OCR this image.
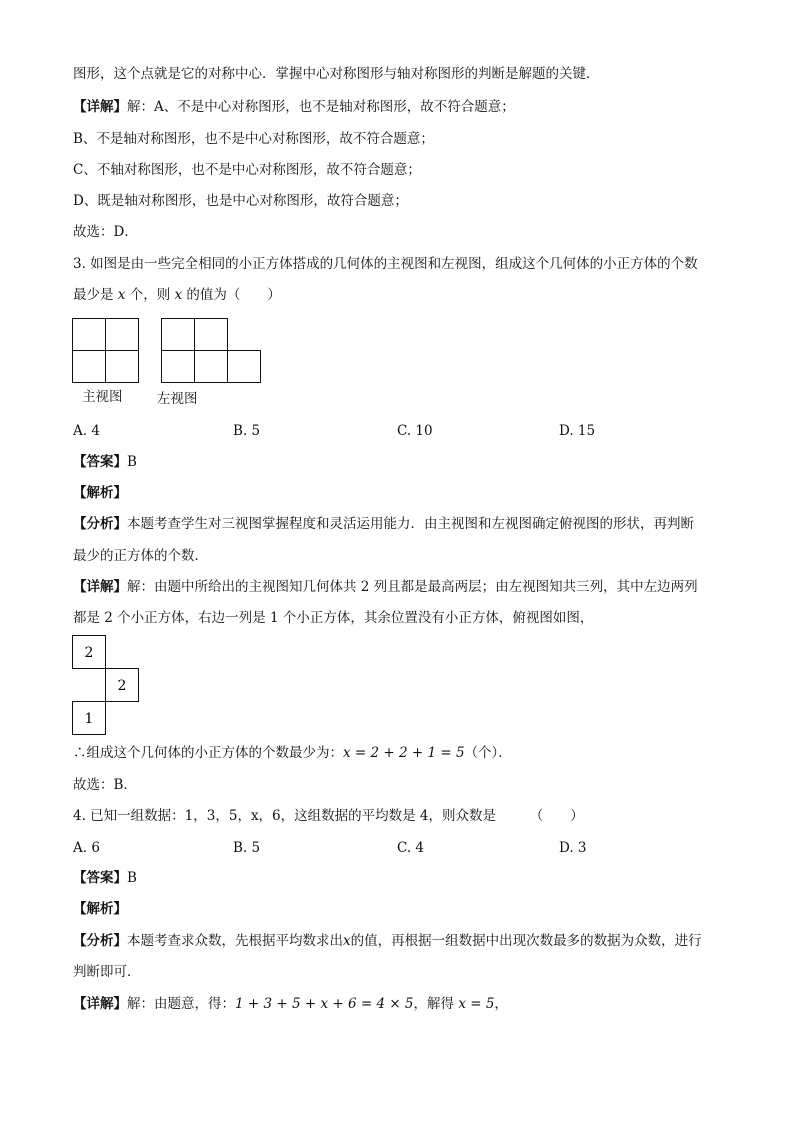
图形，这个点就是它的对称中心．掌握中心对称图形与轴对称图形的判断是解题的关键．
【详解】解：A、不是中心对称图形，也不是轴对称图形，故不符合题意；
B、不是轴对称图形，也不是中心对称图形，故不符合题意；
C、不轴对称图形，也不是中心对称图形，故不符合题意；
D、既是轴对称图形，也是中心对称图形，故符合题意；
故选：D．
3. 如图是由一些完全相同的小正方体搭成的几何体的主视图和左视图，组成这个几何体的小正方体的个数
最少是 x 个，则 x 的值为（　　）
主视图	左视图
A. 4	B. 5	C. 10	D. 15
【答案】B
【解析】
【分析】本题考查学生对三视图掌握程度和灵活运用能力．由主视图和左视图确定俯视图的形状，再判断
最少的正方体的个数．
【详解】解：由题中所给出的主视图知几何体共 2 列且都是最高两层；由左视图知共三列，其中左边两列
都是 2 个小正方体，右边一列是 1 个小正方体，其余位置没有小正方体，俯视图如图，
2
2
1
∴组成这个几何体的小正方体的个数最少为：x = 2 + 2 + 1 = 5（个）．
故选：B．
4. 已知一组数据：1，3，5，x，6，这组数据的平均数是 4，则众数是　　　（　　）
A. 6	B. 5	C. 4	D. 3
【答案】B
【解析】
【分析】本题考查求众数，先根据平均数求出x的值，再根据一组数据中出现次数最多的数据为众数，进行
判断即可．
【详解】解：由题意，得：1 + 3 + 5 + x + 6 = 4 × 5，解得 x = 5，
